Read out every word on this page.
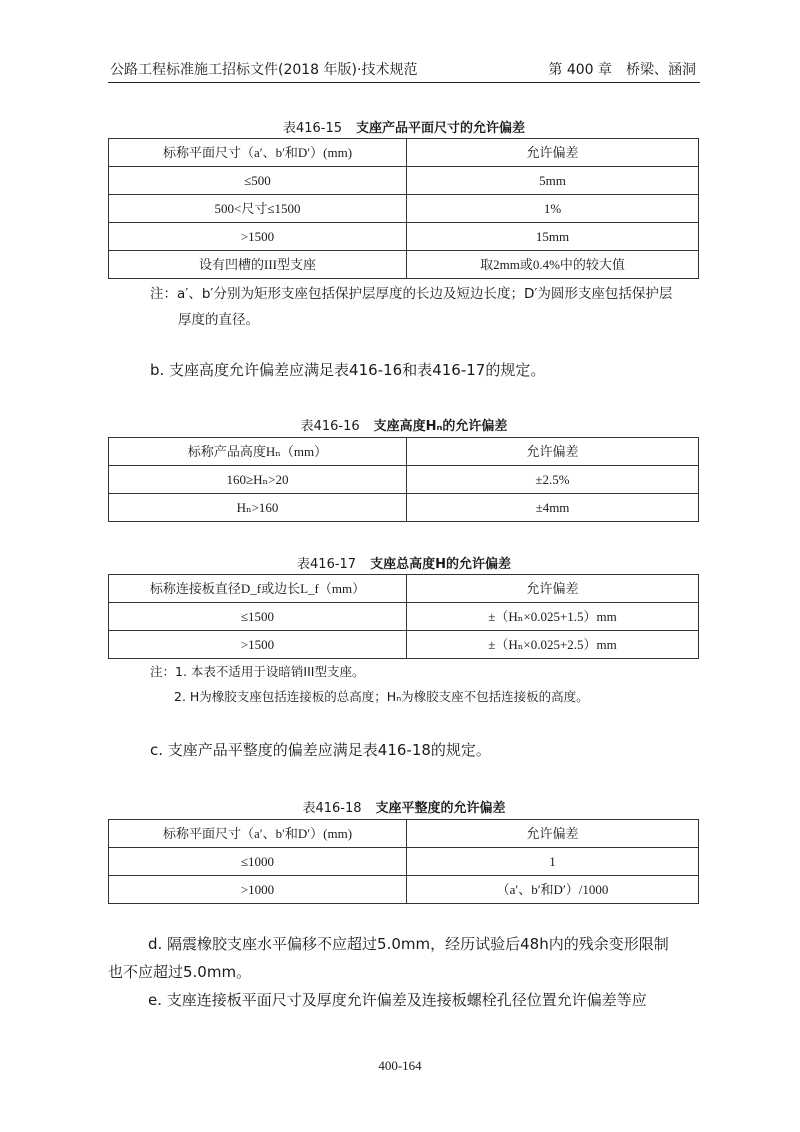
公路工程标准施工招标文件(2018 年版)·技术规范	第 400 章　桥梁、涵洞
表416-15 支座产品平面尺寸的允许偏差
标称平面尺寸（a′、b′和D′）(mm)	允许偏差
≤500	5mm
500<尺寸≤1500	1%
>1500	15mm
设有凹槽的III型支座	取2mm或0.4%中的较大值
注：a′、b′分别为矩形支座包括保护层厚度的长边及短边长度；D′为圆形支座包括保护层
厚度的直径。
b. 支座高度允许偏差应满足表416-16和表416-17的规定。
表416-16 支座高度Hₙ的允许偏差
标称产品高度Hₙ（mm）	允许偏差
160≥Hₙ>20	±2.5%
Hₙ>160	±4mm
表416-17 支座总高度H的允许偏差
标称连接板直径D_f或边长L_f（mm）	允许偏差
≤1500	±（Hₙ×0.025+1.5）mm
>1500	±（Hₙ×0.025+2.5）mm
注：1. 本表不适用于设暗销III型支座。
2. H为橡胶支座包括连接板的总高度；Hₙ为橡胶支座不包括连接板的高度。
c. 支座产品平整度的偏差应满足表416-18的规定。
表416-18 支座平整度的允许偏差
标称平面尺寸（a′、b′和D′）(mm)	允许偏差
≤1000	1
>1000	（a′、b′和D′）/1000
d. 隔震橡胶支座水平偏移不应超过5.0mm，经历试验后48h内的残余变形限制
也不应超过5.0mm。
e. 支座连接板平面尺寸及厚度允许偏差及连接板螺栓孔径位置允许偏差等应
400-164
